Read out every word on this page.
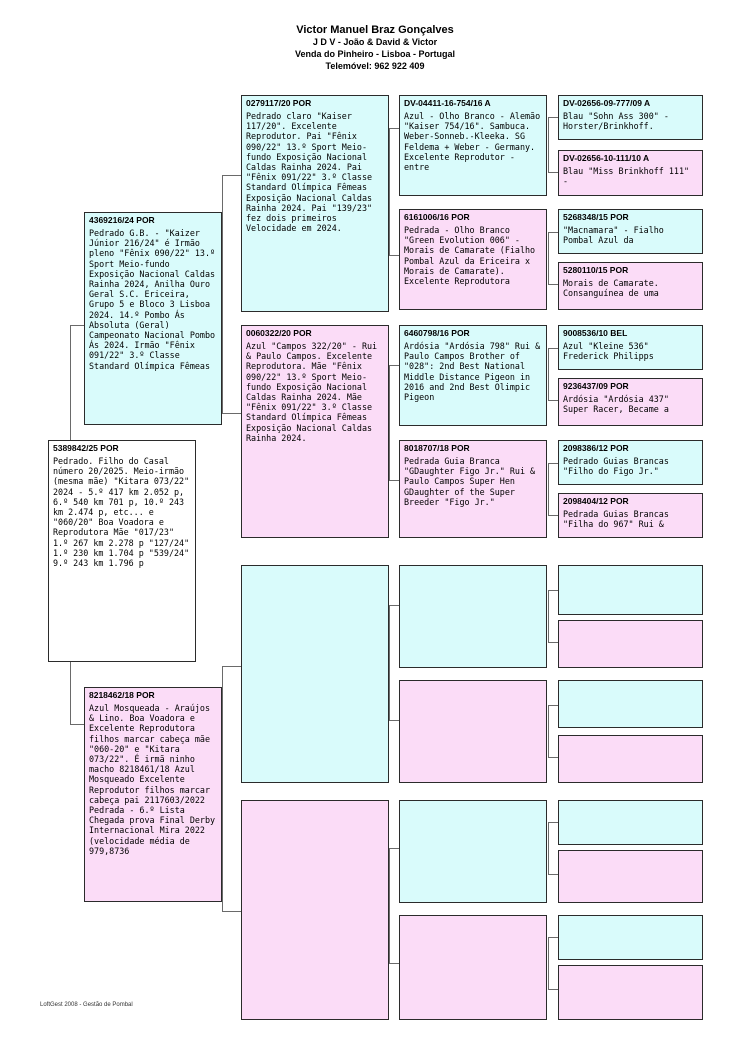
Victor Manuel Braz Gonçalves
J D V - João & David & Victor
Venda do Pinheiro - Lisboa - Portugal
Telemóvel: 962 922 409
5389842/25 POR
Pedrado. Filho do Casal número 20/2025. Meio-irmão (mesma mãe) "Kitara 073/22" 2024 - 5.º 417 km 2.052 p, 6.º 540 km 701 p, 10.º 243 km 2.474 p, etc... e "060/20" Boa Voadora e Reprodutora Mãe "017/23" 1.º 267 km 2.278 p "127/24" 1.º 230 km 1.704 p "539/24" 9.º 243 km 1.796 p
4369216/24 POR
Pedrado G.B. - "Kaizer Júnior 216/24" é Irmão pleno "Fênix 090/22" 13.º Sport Meio-fundo Exposição Nacional Caldas Rainha 2024, Anilha Ouro Geral S.C. Ericeira, Grupo 5 e Bloco 3 Lisboa 2024. 14.º Pombo Ás Absoluta (Geral) Campeonato Nacional Pombo Ás 2024. Irmão "Fênix 091/22" 3.º Classe Standard Olímpica Fêmeas
8218462/18 POR
Azul Mosqueada - Araújos & Lino. Boa Voadora e Excelente Reprodutora filhos marcar cabeça mãe "060-20" e "Kitara 073/22". É irmã ninho macho 8218461/18 Azul Mosqueado Excelente Reprodutor filhos marcar cabeça pai 2117603/2022 Pedrada - 6.º Lista Chegada prova Final Derby Internacional Mira 2022 (velocidade média de 979,8736
0279117/20 POR
Pedrado claro "Kaiser 117/20". Excelente Reprodutor. Pai "Fênix 090/22" 13.º Sport Meio-fundo Exposição Nacional Caldas Rainha 2024. Pai "Fênix 091/22" 3.º Classe Standard Olímpica Fêmeas Exposição Nacional Caldas Rainha 2024. Pai "139/23" fez dois primeiros Velocidade em 2024.
0060322/20 POR
Azul "Campos 322/20" - Rui & Paulo Campos. Excelente Reprodutora. Mãe "Fênix 090/22" 13.º Sport Meio-fundo Exposição Nacional Caldas Rainha 2024. Mãe "Fênix 091/22" 3.º Classe Standard Olímpica Fêmeas Exposição Nacional Caldas Rainha 2024.
DV-04411-16-754/16 A
Azul - Olho Branco - Alemão "Kaiser 754/16". Sambuca. Weber-Sonneb.-Kleeka. SG Feldema + Weber - Germany. Excelente Reprodutor - entre
6161006/16 POR
Pedrada - Olho Branco "Green Evolution 006" - Morais de Camarate (Fialho Pombal Azul da Ericeira x Morais de Camarate). Excelente Reprodutora
6460798/16 POR
Ardósia "Ardósia 798" Rui & Paulo Campos Brother of "028": 2nd Best National Middle Distance Pigeon in 2016 and 2nd Best Olimpic Pigeon
8018707/18 POR
Pedrada Guia Branca "GDaughter Figo Jr." Rui & Paulo Campos Super Hen GDaughter of the Super Breeder "Figo Jr."
DV-02656-09-777/09 A
Blau "Sohn Ass 300" - Horster/Brinkhoff.
DV-02656-10-111/10 A
Blau "Miss Brinkhoff 111" -
5268348/15 POR
"Macnamara" - Fialho Pombal Azul da
5280110/15 POR
Morais de Camarate. Consanguínea de uma
9008536/10 BEL
Azul "Kleine 536" Frederick Philipps
9236437/09 POR
Ardósia "Ardósia 437" Super Racer, Became a
2098386/12 POR
Pedrado Guias Brancas "Filho do Figo Jr."
2098404/12 POR
Pedrada Guias Brancas "Filha do 967" Rui &
LoftGest 2008 - Gestão de Pombal
